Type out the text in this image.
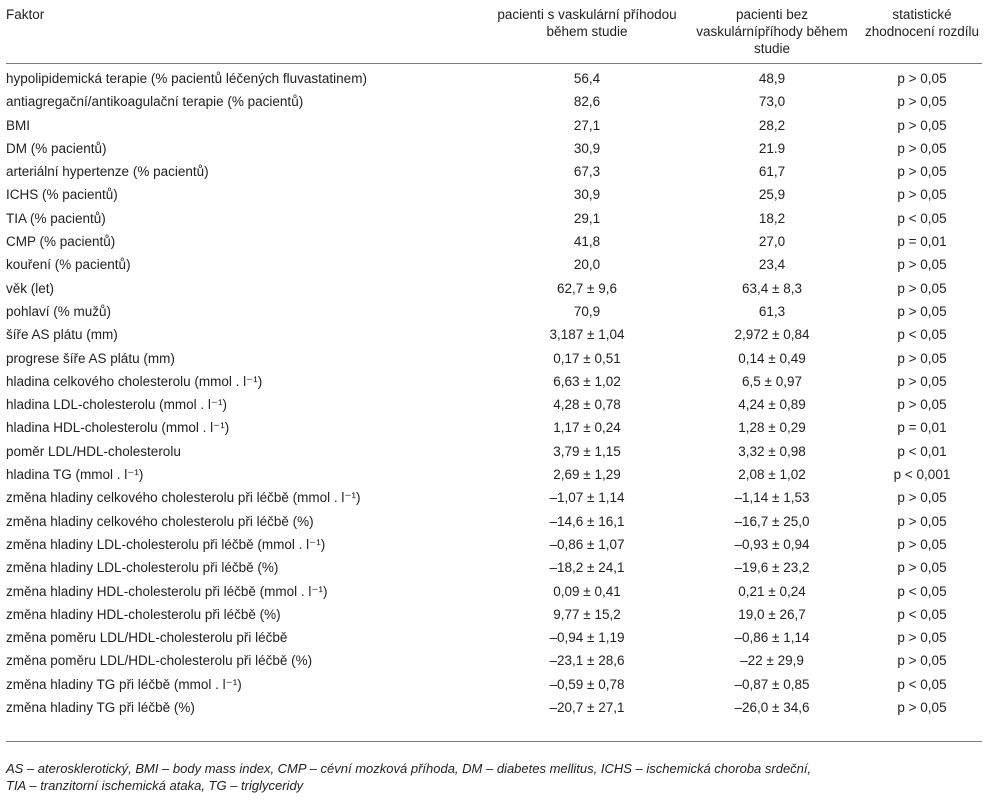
Faktor	pacienti s vaskulární příhodou během studie	pacienti bez vaskulárnípříhody během studie	statistické zhodnocení rozdílu
hypolipidemická terapie (% pacientů léčených fluvastatinem)	56,4	48,9	p > 0,05
antiagregační/antikoagulační terapie (% pacientů)	82,6	73,0	p > 0,05
BMI	27,1	28,2	p > 0,05
DM (% pacientů)	30,9	21.9	p > 0,05
arteriální hypertenze (% pacientů)	67,3	61,7	p > 0,05
ICHS (% pacientů)	30,9	25,9	p > 0,05
TIA (% pacientů)	29,1	18,2	p < 0,05
CMP (% pacientů)	41,8	27,0	p = 0,01
kouření (% pacientů)	20,0	23,4	p > 0,05
věk (let)	62,7 ± 9,6	63,4 ± 8,3	p > 0,05
pohlaví (% mužů)	70,9	61,3	p > 0,05
šíře AS plátu (mm)	3,187 ± 1,04	2,972 ± 0,84	p < 0,05
progrese šíře AS plátu (mm)	0,17 ± 0,51	0,14 ± 0,49	p > 0,05
hladina celkového cholesterolu (mmol . l⁻¹)	6,63 ± 1,02	6,5 ± 0,97	p > 0,05
hladina LDL-cholesterolu (mmol . l⁻¹)	4,28 ± 0,78	4,24 ± 0,89	p > 0,05
hladina HDL-cholesterolu (mmol . l⁻¹)	1,17 ± 0,24	1,28 ± 0,29	p = 0,01
poměr LDL/HDL-cholesterolu	3,79 ± 1,15	3,32 ± 0,98	p < 0,01
hladina TG (mmol . l⁻¹)	2,69 ± 1,29	2,08 ± 1,02	p < 0,001
změna hladiny celkového cholesterolu při léčbě (mmol . l⁻¹)	–1,07 ± 1,14	–1,14 ± 1,53	p > 0,05
změna hladiny celkového cholesterolu při léčbě (%)	–14,6 ± 16,1	–16,7 ± 25,0	p > 0,05
změna hladiny LDL-cholesterolu při léčbě (mmol . l⁻¹)	–0,86 ± 1,07	–0,93 ± 0,94	p > 0,05
změna hladiny LDL-cholesterolu při léčbě (%)	–18,2 ± 24,1	–19,6 ± 23,2	p > 0,05
změna hladiny HDL-cholesterolu při léčbě (mmol . l⁻¹)	0,09 ± 0,41	0,21 ± 0,24	p < 0,05
změna hladiny HDL-cholesterolu při léčbě (%)	9,77 ± 15,2	19,0 ± 26,7	p < 0,05
změna poměru LDL/HDL-cholesterolu při léčbě	–0,94 ± 1,19	–0,86 ± 1,14	p > 0,05
změna poměru LDL/HDL-cholesterolu při léčbě (%)	–23,1 ± 28,6	–22 ± 29,9	p > 0,05
změna hladiny TG při léčbě (mmol . l⁻¹)	–0,59 ± 0,78	–0,87 ± 0,85	p < 0,05
změna hladiny TG při léčbě (%)	–20,7 ± 27,1	–26,0 ± 34,6	p > 0,05
AS – aterosklerotický, BMI – body mass index, CMP – cévní mozková příhoda, DM – diabetes mellitus, ICHS – ischemická choroba srdeční,
TIA – tranzitorní ischemická ataka, TG – triglyceridy
